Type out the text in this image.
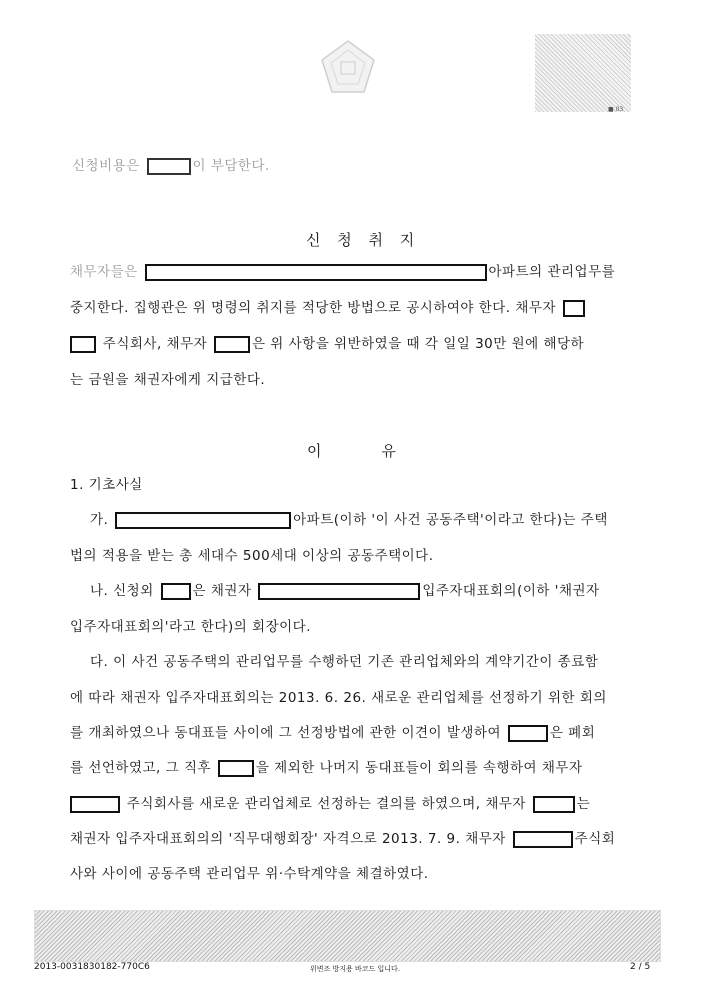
■ 03
신청비용은	이 부담한다.
신 청 취 지
채무자들은	아파트의 관리업무를
중지한다. 집행관은 위 명령의 취지를 적당한 방법으로 공시하여야 한다. 채무자
주식회사, 채무자	은 위 사항을 위반하였을 때 각 일일 30만 원에 해당하
는 금원을 채권자에게 지급한다.
이     유
1. 기초사실
가.	아파트(이하 '이 사건 공동주택'이라고 한다)는 주택
법의 적용을 받는 총 세대수 500세대 이상의 공동주택이다.
나. 신청외	은 채권자	입주자대표회의(이하 '채권자
입주자대표회의'라고 한다)의 회장이다.
다. 이 사건 공동주택의 관리업무를 수행하던 기존 관리업체와의 계약기간이 종료함
에 따라 채권자 입주자대표회의는 2013. 6. 26. 새로운 관리업체를 선정하기 위한 회의
를 개최하였으나 동대표들 사이에 그 선정방법에 관한 이견이 발생하여	은 폐회
를 선언하였고, 그 직후	을 제외한 나머지 동대표들이 회의를 속행하여 채무자
주식회사를 새로운 관리업체로 선정하는 결의를 하였으며, 채무자	는
채권자 입주자대표회의의 '직무대행회장' 자격으로 2013. 7. 9. 채무자	주식회
사와 사이에 공동주택 관리업무 위·수탁계약을 체결하였다.
2013-0031830182-770C6	위변조 방지용 바코드 입니다.	2 / 5
